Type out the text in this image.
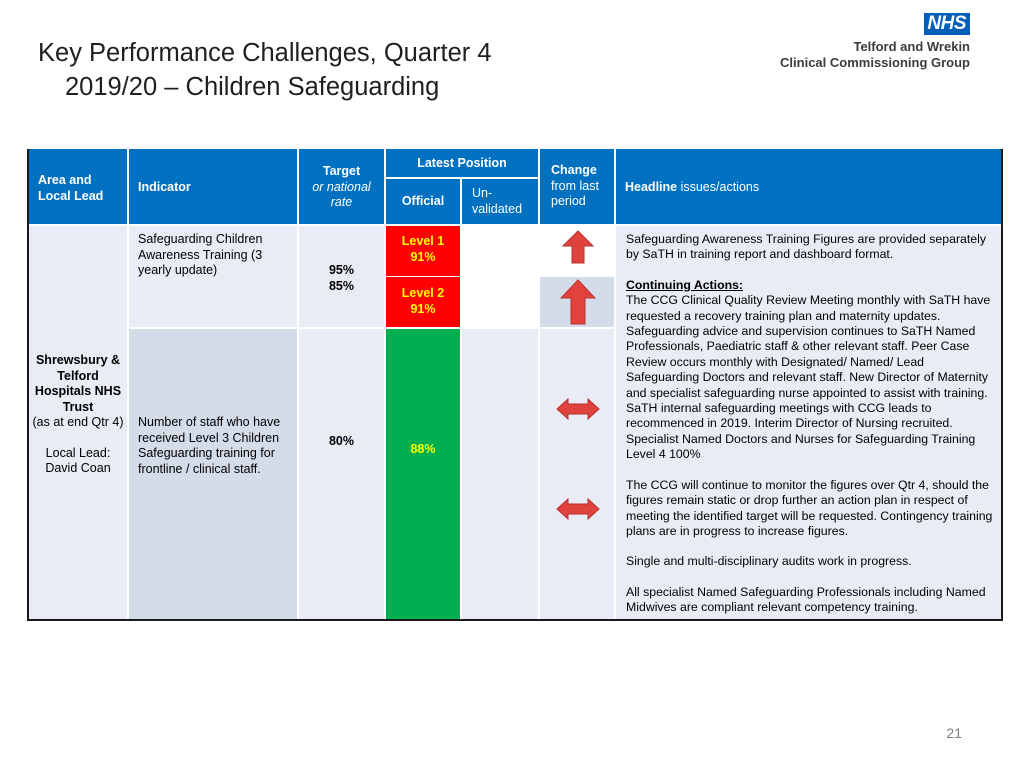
Key Performance Challenges, Quarter 4
2019/20 – Children Safeguarding
NHS
Telford and Wrekin
Clinical Commissioning Group
Area and Local Lead
Indicator
Target
or national rate
Latest Position
Official
Un- validated
Change
from last period
Headline issues/actions
Shrewsbury & Telford Hospitals NHS Trust
(as at end Qtr 4)
Local Lead: David Coan
Safeguarding Children Awareness Training (3 yearly update)	95%
85%
Level 1
91%
Level 2
91%
Number of staff who have received Level 3 Children Safeguarding training for frontline / clinical staff.
80%
88%
Safeguarding Awareness Training Figures are provided separately by SaTH in training report and dashboard format.
Continuing Actions:
The CCG Clinical Quality Review Meeting monthly with SaTH have requested a recovery training plan and maternity updates. Safeguarding advice and supervision continues to SaTH Named Professionals, Paediatric staff & other relevant staff. Peer Case Review occurs monthly with Designated/ Named/ Lead Safeguarding Doctors and relevant staff. New Director of Maternity and specialist safeguarding nurse appointed to assist with training. SaTH internal safeguarding meetings with CCG leads to recommenced in 2019. Interim Director of Nursing recruited. Specialist Named Doctors and Nurses for Safeguarding Training Level 4 100%
The CCG will continue to monitor the figures over Qtr 4, should the figures remain static or drop further an action plan in respect of meeting the identified target will be requested. Contingency training plans are in progress to increase figures.
Single and multi-disciplinary audits work in progress.
All specialist Named Safeguarding Professionals including Named Midwives are compliant relevant competency training.
21
